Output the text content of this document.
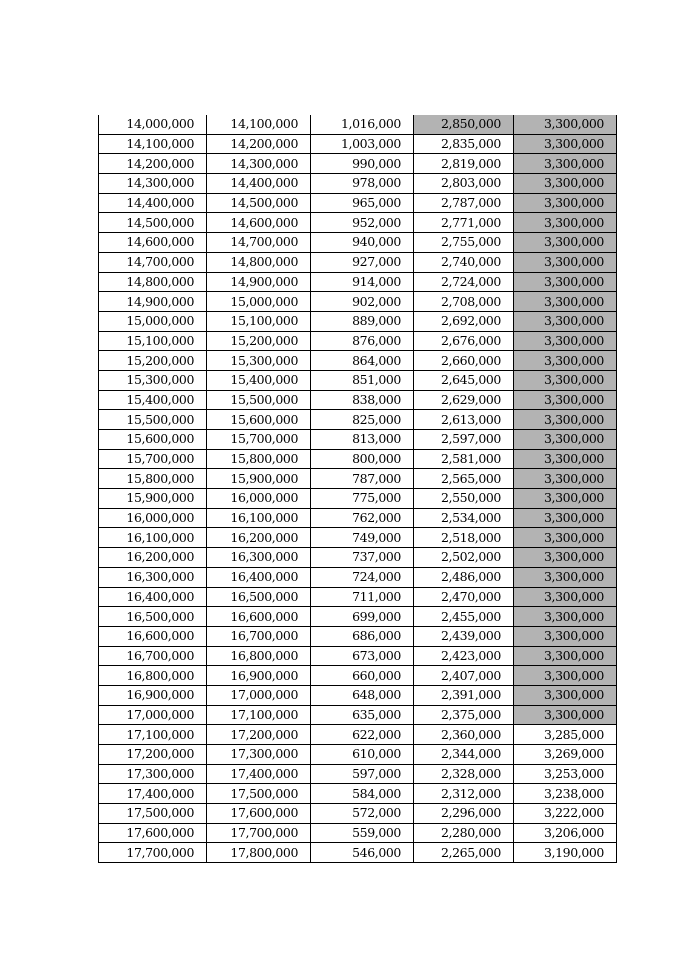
14,000,000	14,100,000	1,016,000	2,850,000	3,300,000
14,100,000	14,200,000	1,003,000	2,835,000	3,300,000
14,200,000	14,300,000	990,000	2,819,000	3,300,000
14,300,000	14,400,000	978,000	2,803,000	3,300,000
14,400,000	14,500,000	965,000	2,787,000	3,300,000
14,500,000	14,600,000	952,000	2,771,000	3,300,000
14,600,000	14,700,000	940,000	2,755,000	3,300,000
14,700,000	14,800,000	927,000	2,740,000	3,300,000
14,800,000	14,900,000	914,000	2,724,000	3,300,000
14,900,000	15,000,000	902,000	2,708,000	3,300,000
15,000,000	15,100,000	889,000	2,692,000	3,300,000
15,100,000	15,200,000	876,000	2,676,000	3,300,000
15,200,000	15,300,000	864,000	2,660,000	3,300,000
15,300,000	15,400,000	851,000	2,645,000	3,300,000
15,400,000	15,500,000	838,000	2,629,000	3,300,000
15,500,000	15,600,000	825,000	2,613,000	3,300,000
15,600,000	15,700,000	813,000	2,597,000	3,300,000
15,700,000	15,800,000	800,000	2,581,000	3,300,000
15,800,000	15,900,000	787,000	2,565,000	3,300,000
15,900,000	16,000,000	775,000	2,550,000	3,300,000
16,000,000	16,100,000	762,000	2,534,000	3,300,000
16,100,000	16,200,000	749,000	2,518,000	3,300,000
16,200,000	16,300,000	737,000	2,502,000	3,300,000
16,300,000	16,400,000	724,000	2,486,000	3,300,000
16,400,000	16,500,000	711,000	2,470,000	3,300,000
16,500,000	16,600,000	699,000	2,455,000	3,300,000
16,600,000	16,700,000	686,000	2,439,000	3,300,000
16,700,000	16,800,000	673,000	2,423,000	3,300,000
16,800,000	16,900,000	660,000	2,407,000	3,300,000
16,900,000	17,000,000	648,000	2,391,000	3,300,000
17,000,000	17,100,000	635,000	2,375,000	3,300,000
17,100,000	17,200,000	622,000	2,360,000	3,285,000
17,200,000	17,300,000	610,000	2,344,000	3,269,000
17,300,000	17,400,000	597,000	2,328,000	3,253,000
17,400,000	17,500,000	584,000	2,312,000	3,238,000
17,500,000	17,600,000	572,000	2,296,000	3,222,000
17,600,000	17,700,000	559,000	2,280,000	3,206,000
17,700,000	17,800,000	546,000	2,265,000	3,190,000
